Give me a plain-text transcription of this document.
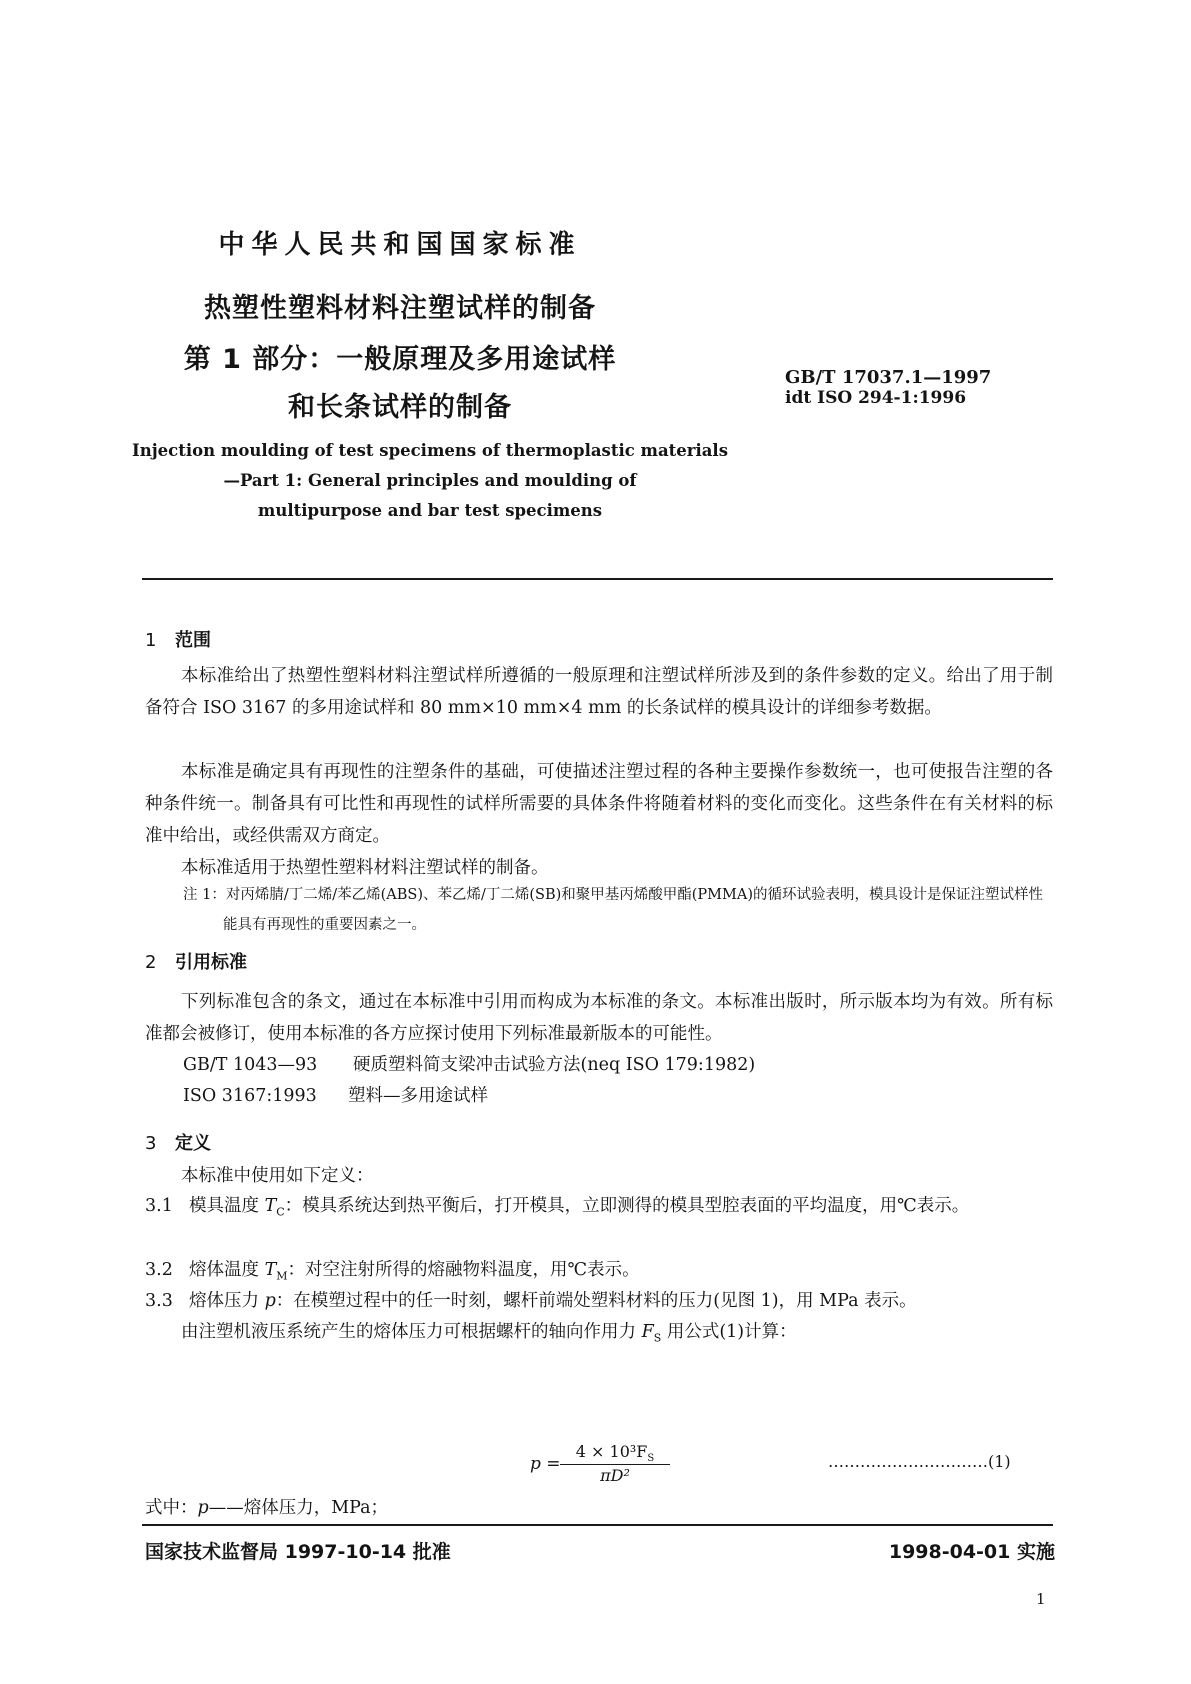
中华人民共和国国家标准
热塑性塑料材料注塑试样的制备
第 1 部分：一般原理及多用途试样
和长条试样的制备
GB/T 17037.1—1997
idt ISO 294-1:1996
Injection moulding of test specimens of thermoplastic materials
—Part 1: General principles and moulding of
multipurpose and bar test specimens
1 范围

本标准给出了热塑性塑料材料注塑试样所遵循的一般原理和注塑试样所涉及到的条件参数的定义。给出了用于制备符合 ISO 3167 的多用途试样和 80 mm×10 mm×4 mm 的长条试样的模具设计的详细参考数据。

本标准是确定具有再现性的注塑条件的基础，可使描述注塑过程的各种主要操作参数统一，也可使报告注塑的各种条件统一。制备具有可比性和再现性的试样所需要的具体条件将随着材料的变化而变化。这些条件在有关材料的标准中给出，或经供需双方商定。

本标准适用于热塑性塑料材料注塑试样的制备。

注 1：对丙烯腈/丁二烯/苯乙烯(ABS)、苯乙烯/丁二烯(SB)和聚甲基丙烯酸甲酯(PMMA)的循环试验表明，模具设计是保证注塑试样性能具有再现性的重要因素之一。

2 引用标准

下列标准包含的条文，通过在本标准中引用而构成为本标准的条文。本标准出版时，所示版本均为有效。所有标准都会被修订，使用本标准的各方应探讨使用下列标准最新版本的可能性。

GB/T 1043—93 硬质塑料简支梁冲击试验方法(neq ISO 179:1982)
ISO 3167:1993 塑料—多用途试样
3 定义
本标准中使用如下定义：

3.1 模具温度 $T_C$：模具系统达到热平衡后，打开模具，立即测得的模具型腔表面的平均温度，用℃表示。

3.2 熔体温度 $T_M$：对空注射所得的熔融物料温度，用℃表示。

3.3 熔体压力 p：在模塑过程中的任一时刻，螺杆前端处塑料材料的压力(见图 1)，用 MPa 表示。

由注塑机液压系统产生的熔体压力可根据螺杆的轴向作用力 $F_S$ 用公式(1)计算：
p =
$4 \times 10^3F_S$
πD²
…………………………(1)
式中：p——熔体压力，MPa；
国家技术监督局 1997-10-14 批准	1998-04-01 实施
1
